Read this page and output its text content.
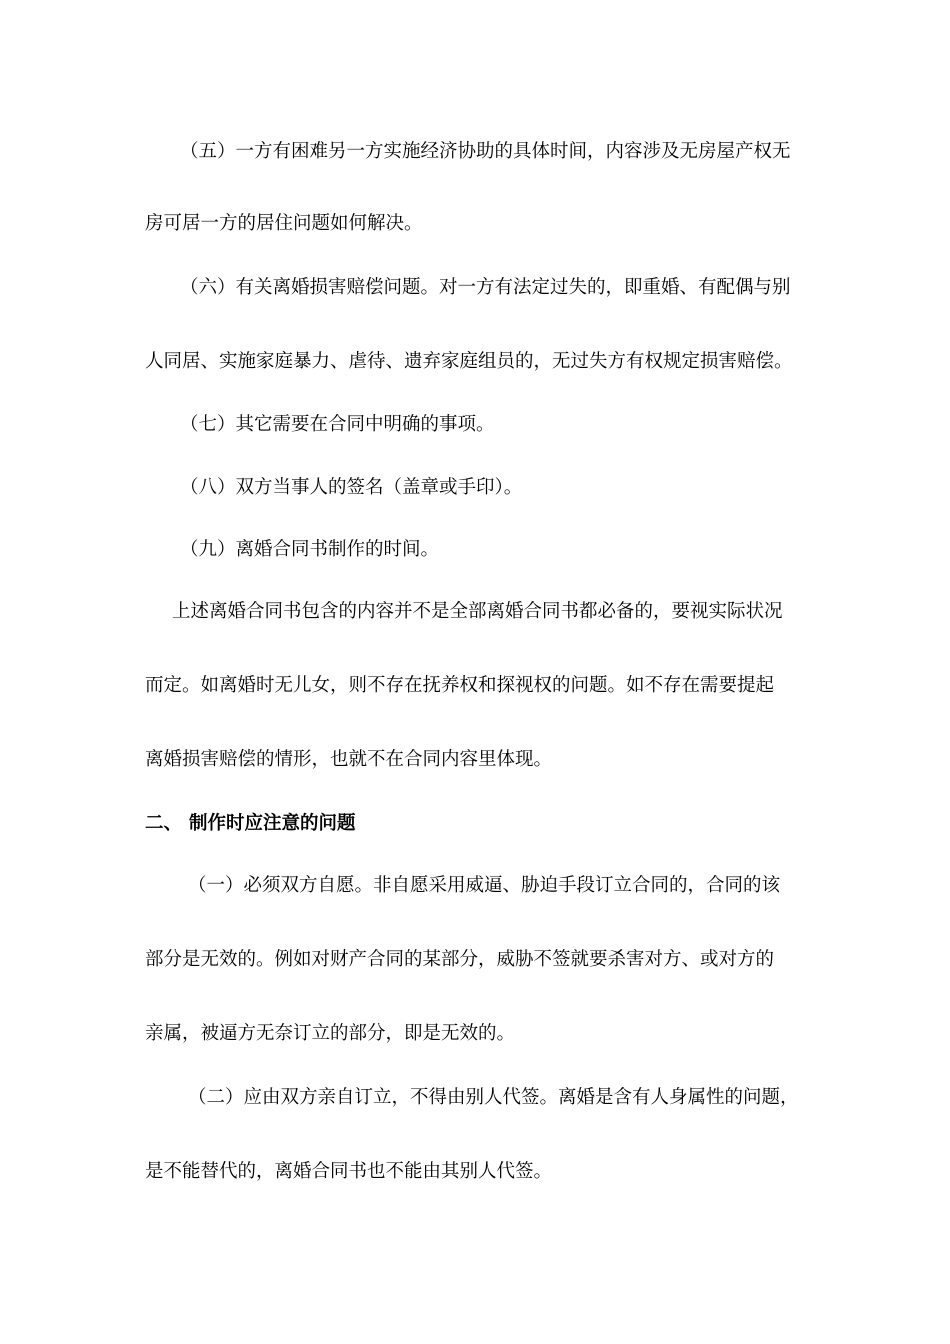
（五）一方有困难另一方实施经济协助的具体时间，内容涉及无房屋产权无
房可居一方的居住问题如何解决。
（六）有关离婚损害赔偿问题。对一方有法定过失的，即重婚、有配偶与别
人同居、实施家庭暴力、虐待、遗弃家庭组员的，无过失方有权规定损害赔偿。
（七）其它需要在合同中明确的事项。
（八）双方当事人的签名（盖章或手印）。
（九）离婚合同书制作的时间。
上述离婚合同书包含的内容并不是全部离婚合同书都必备的，要视实际状况
而定。如离婚时无儿女，则不存在抚养权和探视权的问题。如不存在需要提起
离婚损害赔偿的情形，也就不在合同内容里体现。
二、 制作时应注意的问题
（一）必须双方自愿。非自愿采用威逼、胁迫手段订立合同的，合同的该
部分是无效的。例如对财产合同的某部分，威胁不签就要杀害对方、或对方的
亲属，被逼方无奈订立的部分，即是无效的。
（二）应由双方亲自订立，不得由别人代签。离婚是含有人身属性的问题，
是不能替代的，离婚合同书也不能由其别人代签。
